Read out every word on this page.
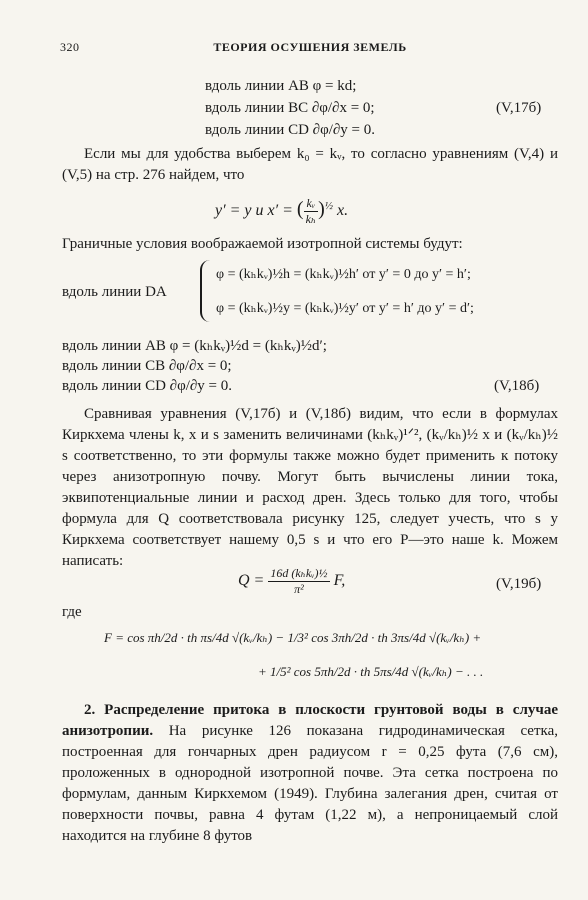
320	ТЕОРИЯ ОСУШЕНИЯ ЗЕМЕЛЬ
вдоль линии AB φ = kd;
вдоль линии BC ∂φ/∂x = 0;
вдоль линии CD ∂φ/∂y = 0.
(V,17б)

Если мы для удобства выберем k₀ = kᵥ, то согласно уравнениям (V,4) и (V,5) на стр. 276 найдем, что

y′ = y и x′ = ( $\frac{\text{kᵥ}}{\text{kₕ}} )^{\frac{1}{2}}$ x.

Граничные условия воображаемой изотропной системы будут:

вдоль линии DA
φ = (kₕkᵥ)½h = (kₕkᵥ)½h′ от y′ = 0 до y′ = h′;
φ = (kₕkᵥ)½y = (kₕkᵥ)½y′ от y′ = h′ до y′ = d′;
вдоль линии AB φ = (kₕkᵥ)½d = (kₕkᵥ)½d′;
вдоль линии CB ∂φ/∂x = 0;
вдоль линии CD ∂φ/∂y = 0.	(V,18б)

Сравнивая уравнения (V,17б) и (V,18б) видим, что если в формулах Киркхема члены k, x и s заменить величинами (kₕkᵥ)¹ᐟ², (kᵥ/kₕ)½ x и (kᵥ/kₕ)½ s соответственно, то эти формулы также можно будет применить к потоку через анизотропную почву. Могут быть вычислены линии тока, эквипотенциальные линии и расход дрен. Здесь только для того, чтобы формула для Q соответствовала рисунку 125, следует учесть, что s у Киркхема соответствует нашему 0,5 s и что его P—это наше k. Можем написать:

$Q = \frac{\text{16d (kₕkᵥ)½}}{\text{π²}} F$,	(V,19б)
где
F = cos πh/2d · th πs/4d √(kᵥ/kₕ) − 1/3² cos 3πh/2d · th 3πs/4d √(kᵥ/kₕ) +
+ 1/5² cos 5πh/2d · th 5πs/4d √(kᵥ/kₕ) − . . .

2. Распределение притока в плоскости грунтовой воды в случае анизотропии. На рисунке 126 показана гидродинамическая сетка, построенная для гончарных дрен радиусом r = 0,25 фута (7,6 см), проложенных в однородной изотропной почве. Эта сетка построена по формулам, данным Киркхемом (1949). Глубина залегания дрен, считая от поверхности почвы, равна 4 футам (1,22 м), а непроницаемый слой находится на глубине 8 футов
